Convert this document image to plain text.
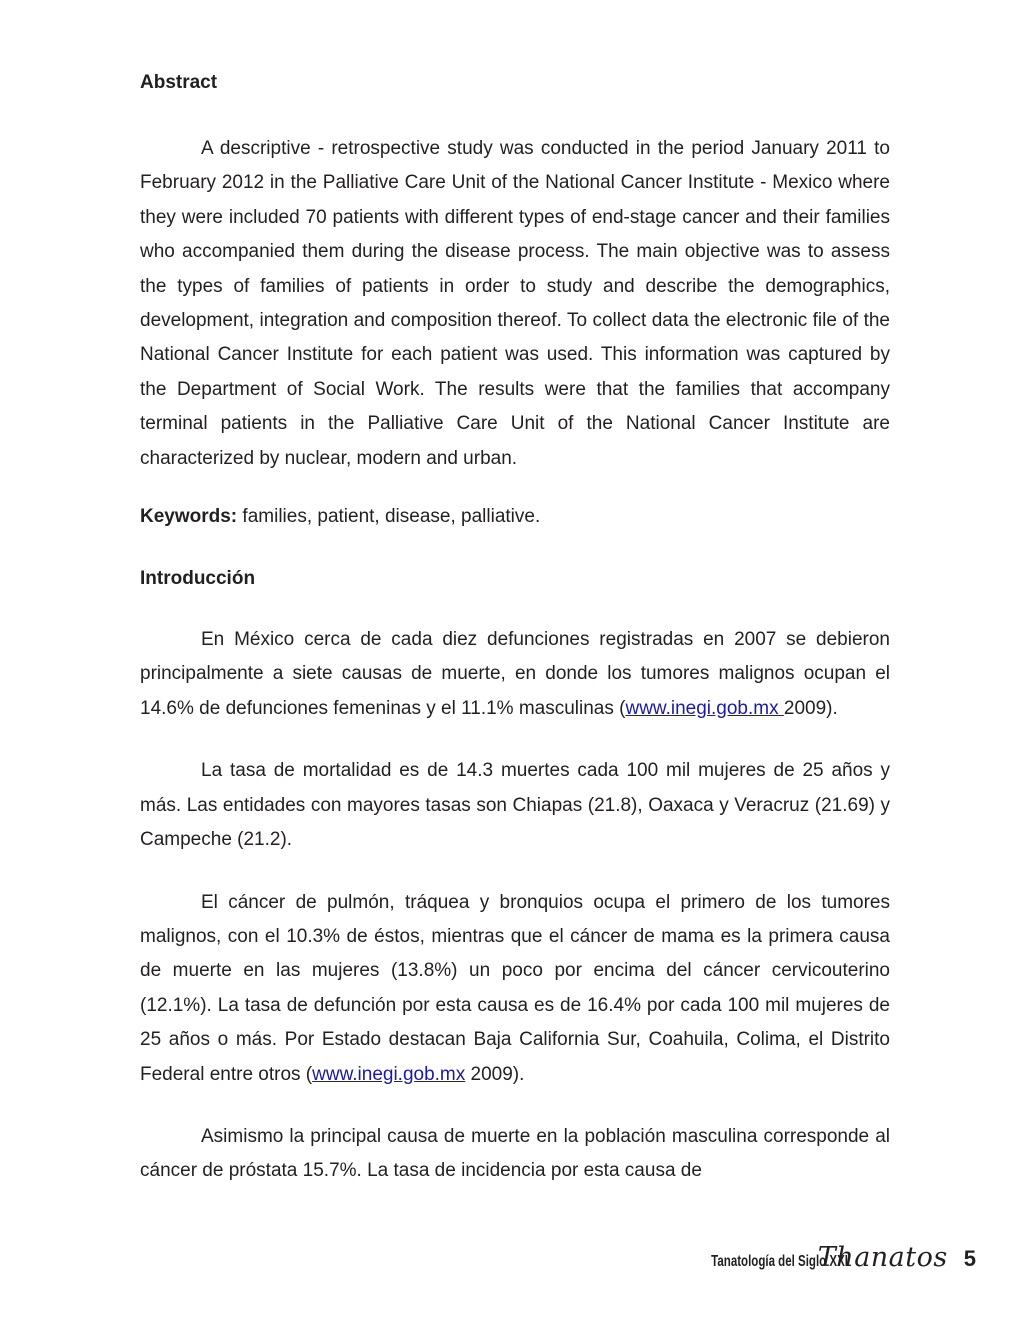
Abstract

A descriptive - retrospective study was conducted in the period January 2011 to February 2012 in the Palliative Care Unit of the National Cancer Institute - Mexico where they were included 70 patients with different types of end-stage cancer and their families who accompanied them during the disease process. The main objective was to assess the types of families of patients in order to study and describe the demographics, development, integration and composition thereof. To collect data the electronic file of the National Cancer Institute for each patient was used. This information was captured by the Department of Social Work. The results were that the families that accompany terminal patients in the Palliative Care Unit of the National Cancer Institute are characterized by nuclear, modern and urban.

Keywords: families, patient, disease, palliative.

Introducción

En México cerca de cada diez defunciones registradas en 2007 se debieron principalmente a siete causas de muerte, en donde los tumores malignos ocupan el 14.6% de defunciones femeninas y el 11.1% masculinas (www.inegi.gob.mx 2009).

La tasa de mortalidad es de 14.3 muertes cada 100 mil mujeres de 25 años y más. Las entidades con mayores tasas son Chiapas (21.8), Oaxaca y Veracruz (21.69) y Campeche (21.2).

El cáncer de pulmón, tráquea y bronquios ocupa el primero de los tumores malignos, con el 10.3% de éstos, mientras que el cáncer de mama es la primera causa de muerte en las mujeres (13.8%) un poco por encima del cáncer cervicouterino (12.1%). La tasa de defunción por esta causa es de 16.4% por cada 100 mil mujeres de 25 años o más. Por Estado destacan Baja California Sur, Coahuila, Colima, el Distrito Federal entre otros (www.inegi.gob.mx 2009).

Asimismo la principal causa de muerte en la población masculina corresponde al cáncer de próstata 15.7%. La tasa de incidencia por esta causa de

Tanatología del Siglo XXI
Thanatos 5
